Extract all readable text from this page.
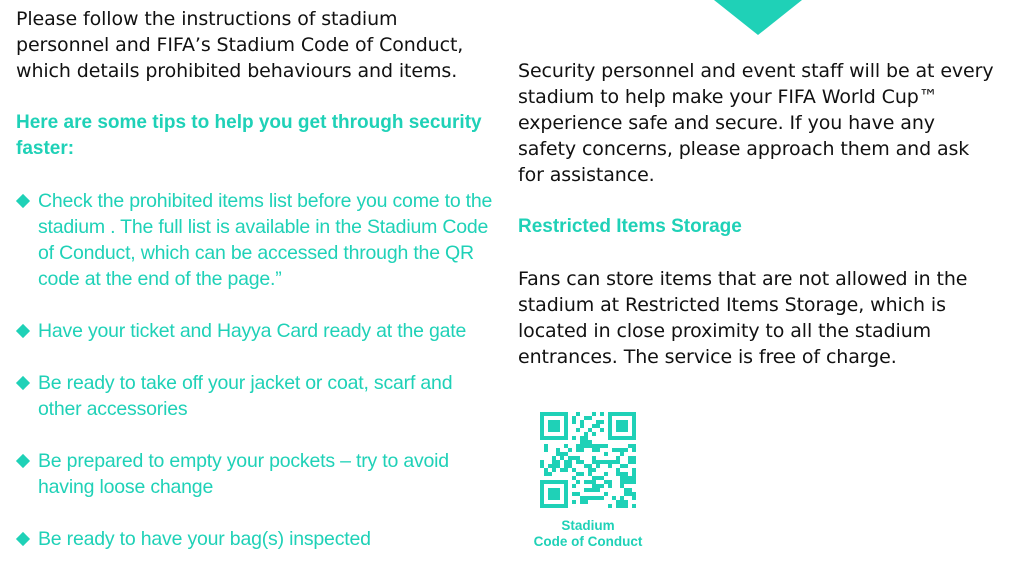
Please follow the instructions of stadium personnel and FIFA’s Stadium Code of Conduct, which details prohibited behaviours and items.

Here are some tips to help you get through security faster:

Check the prohibited items list before you come to the stadium . The full list is available in the Stadium Code of Conduct, which can be accessed through the QR code at the end of the page.”
Have your ticket and Hayya Card ready at the gate
Be ready to take off your jacket or coat, scarf and other accessories
Be prepared to empty your pockets – try to avoid having loose change
Be ready to have your bag(s) inspected

Security personnel and event staff will be at every stadium to help make your FIFA World Cup™ experience safe and secure. If you have any safety concerns, please approach them and ask for assistance.

Restricted Items Storage

Fans can store items that are not allowed in the stadium at Restricted Items Storage, which is located in close proximity to all the stadium entrances. The service is free of charge.

Stadium
Code of Conduct
